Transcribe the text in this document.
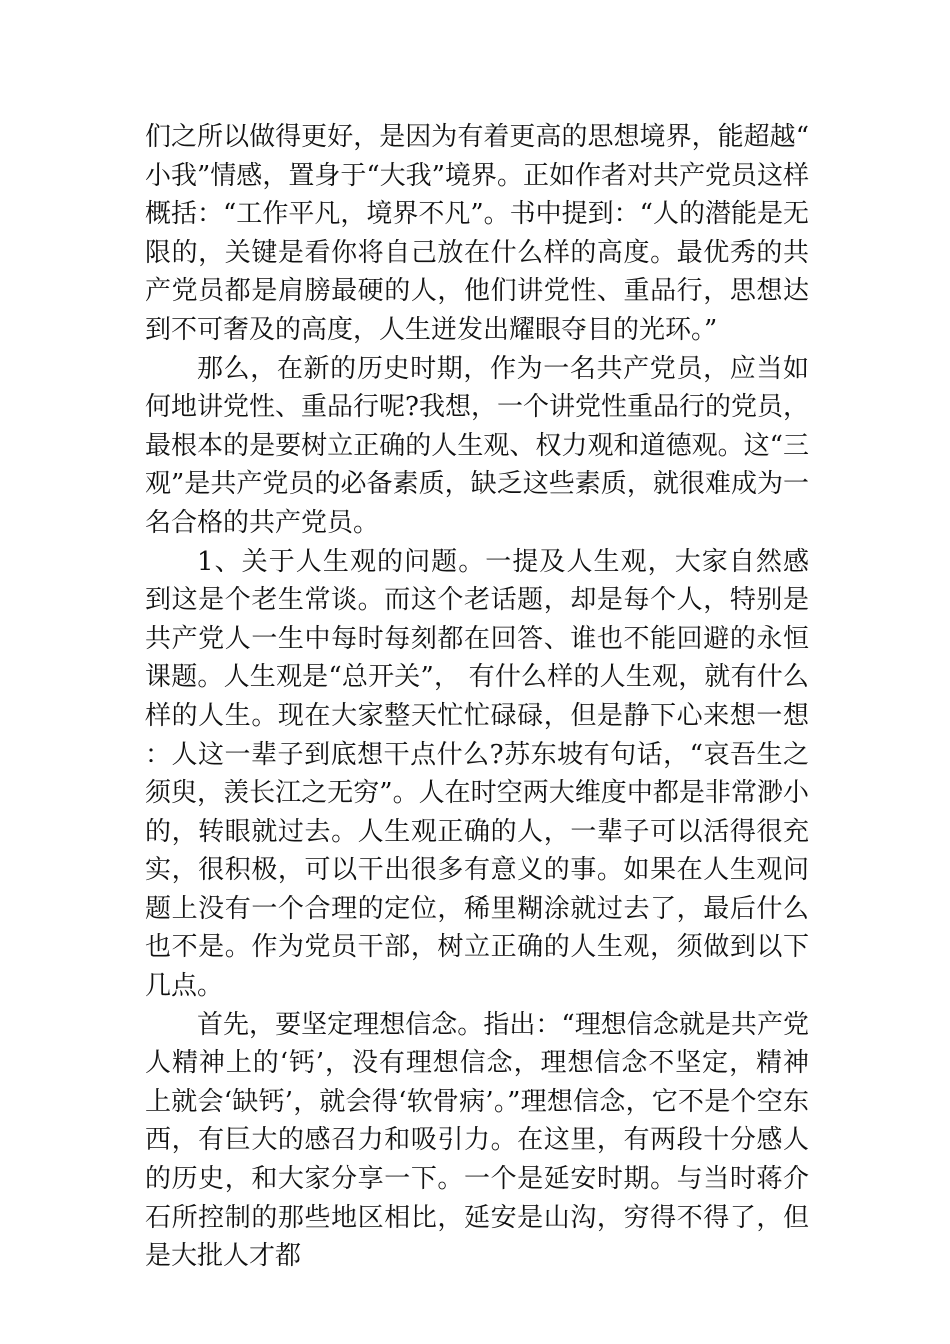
们之所以做得更好，是因为有着更高的思想境界，能超越“小我”情感，置身于“大我”境界。正如作者对共产党员这样概括：“工作平凡，境界不凡”。书中提到：“人的潜能是无限的，关键是看你将自己放在什么样的高度。最优秀的共产党员都是肩膀最硬的人，他们讲党性、重品行，思想达到不可奢及的高度，人生迸发出耀眼夺目的光环。”

那么，在新的历史时期，作为一名共产党员，应当如何地讲党性、重品行呢?我想，一个讲党性重品行的党员，最根本的是要树立正确的人生观、权力观和道德观。这“三观”是共产党员的必备素质，缺乏这些素质，就很难成为一名合格的共产党员。

1、关于人生观的问题。一提及人生观，大家自然感到这是个老生常谈。而这个老话题，却是每个人，特别是共产党人一生中每时每刻都在回答、谁也不能回避的永恒课题。人生观是“总开关”， 有什么样的人生观，就有什么样的人生。现在大家整天忙忙碌碌，但是静下心来想一想：人这一辈子到底想干点什么?苏东坡有句话，“哀吾生之须臾，羡长江之无穷”。人在时空两大维度中都是非常渺小的，转眼就过去。人生观正确的人，一辈子可以活得很充实，很积极，可以干出很多有意义的事。如果在人生观问题上没有一个合理的定位，稀里糊涂就过去了，最后什么也不是。作为党员干部，树立正确的人生观，须做到以下几点。

首先，要坚定理想信念。指出：“理想信念就是共产党人精神上的‘钙’，没有理想信念，理想信念不坚定，精神上就会‘缺钙’，就会得‘软骨病’。”理想信念，它不是个空东西，有巨大的感召力和吸引力。在这里，有两段十分感人的历史，和大家分享一下。一个是延安时期。与当时蒋介石所控制的那些地区相比，延安是山沟，穷得不得了，但是大批人才都
